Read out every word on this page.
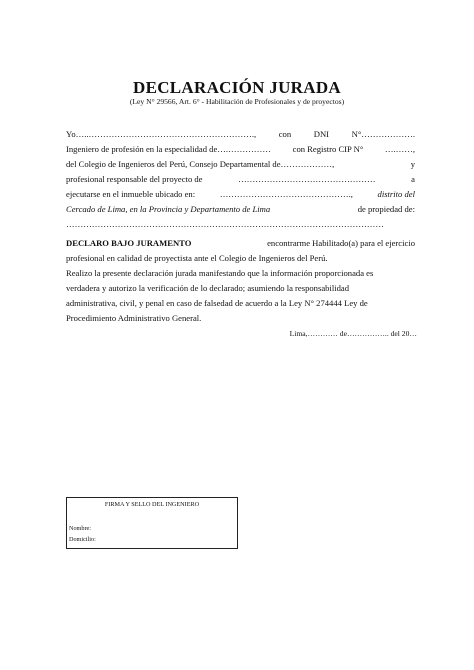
DECLARACIÓN JURADA
(Ley N° 29566, Art. 6° - Habilitación de Profesionales y de proyectos)
Yo…..………………………………………………….,	con	DNI	N°……………….
Ingeniero de profesión en la especialidad de….……………	con Registro CIP N°	….……,
del Colegio de Ingenieros del Perú, Consejo Departamental de………………,	y
profesional responsable del proyecto de	…………………………………………	a
ejecutarse en el inmueble ubicado en:	……………………………………….,	distrito del
Cercado de Lima, en la Provincia y Departamento de Lima	de propiedad de:
…………………………………………………………………………………………………
DECLARO BAJO JURAMENTO	encontrarme Habilitado(a) para el ejercicio
profesional en calidad de proyectista ante el Colegio de Ingenieros del Perú.
Realizo la presente declaración jurada manifestando que la información proporcionada es
verdadera y autorizo la verificación de lo declarado; asumiendo la responsabilidad
administrativa, civil, y penal en caso de falsedad de acuerdo a la Ley N° 274444 Ley de
Procedimiento Administrativo General.
Lima,………… de…………….. del 20…
FIRMA Y SELLO DEL INGENIERO
Nombre:
Domicilio:
